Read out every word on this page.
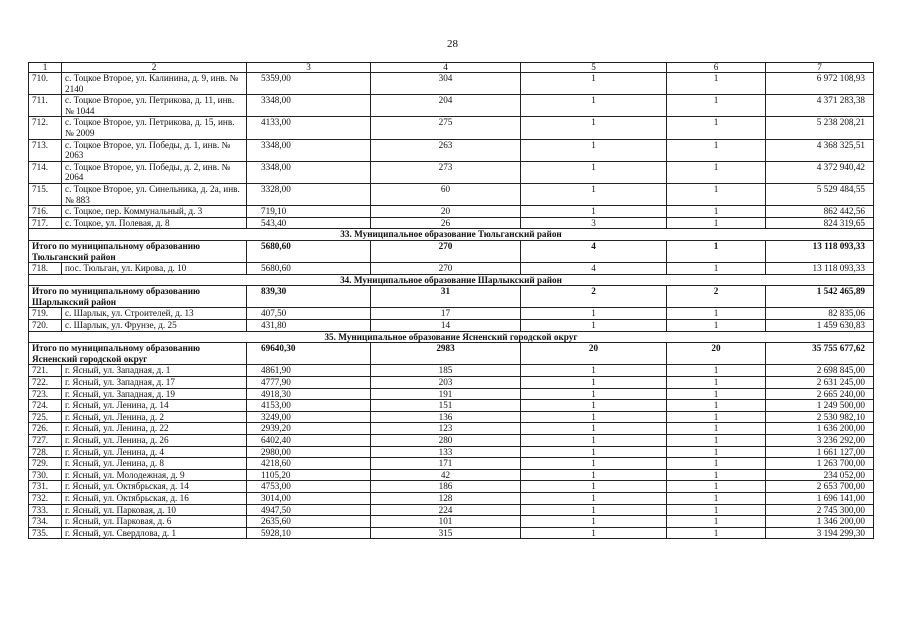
28
1	2	3	4	5	6	7
710.	с. Тоцкое Второе, ул. Калинина, д. 9, инв. № 2140	5359,00	304	1	1	6 972 108,93
711.	с. Тоцкое Второе, ул. Петрикова, д. 11, инв. № 1044	3348,00	204	1	1	4 371 283,38
712.	с. Тоцкое Второе, ул. Петрикова, д. 15, инв. № 2009	4133,00	275	1	1	5 238 208,21
713.	с. Тоцкое Второе, ул. Победы, д. 1, инв. № 2063	3348,00	263	1	1	4 368 325,51
714.	с. Тоцкое Второе, ул. Победы, д. 2, инв. № 2064	3348,00	273	1	1	4 372 940,42
715.	с. Тоцкое Второе, ул. Синельника, д. 2а, инв. № 883	3328,00	60	1	1	5 529 484,55
716.	с. Тоцкое, пер. Коммунальный, д. 3	719,10	20	1	1	862 442,56
717.	с. Тоцкое, ул. Полевая, д. 8	543,40	26	3	1	824 319,65
33. Муниципальное образование Тюльганский район						
Итого по муниципальному образованию Тюльганский район		5680,60	270	4	1	13 118 093,33
718.	пос. Тюльган, ул. Кирова, д. 10	5680,60	270	4	1	13 118 093,33
34. Муниципальное образование Шарлыкский район						
Итого по муниципальному образованию Шарлыкский район		839,30	31	2	2	1 542 465,89
719.	с. Шарлык, ул. Строителей, д. 13	407,50	17	1	1	82 835,06
720.	с. Шарлык, ул. Фрунзе, д. 25	431,80	14	1	1	1 459 630,83
35. Муниципальное образование Ясненский городской округ						
Итого по муниципальному образованию Ясненский городской округ		69640,30	2983	20	20	35 755 677,62
721.	г. Ясный, ул. Западная, д. 1	4861,90	185	1	1	2 698 845,00
722.	г. Ясный, ул. Западная, д. 17	4777,90	203	1	1	2 631 245,00
723.	г. Ясный, ул. Западная, д. 19	4918,30	191	1	1	2 665 240,00
724.	г. Ясный, ул. Ленина, д. 14	4153,00	151	1	1	1 249 500,00
725.	г. Ясный, ул. Ленина, д. 2	3249,00	136	1	1	2 530 982,10
726.	г. Ясный, ул. Ленина, д. 22	2939,20	123	1	1	1 636 200,00
727.	г. Ясный, ул. Ленина, д. 26	6402,40	280	1	1	3 236 292,00
728.	г. Ясный, ул. Ленина, д. 4	2980,00	133	1	1	1 661 127,00
729.	г. Ясный, ул. Ленина, д. 8	4218,60	171	1	1	1 263 700,00
730.	г. Ясный, ул. Молодежная, д. 9	1105,20	42	1	1	234 052,00
731.	г. Ясный, ул. Октябрьская, д. 14	4753,00	186	1	1	2 653 700,00
732.	г. Ясный, ул. Октябрьская, д. 16	3014,00	128	1	1	1 696 141,00
733.	г. Ясный, ул. Парковая, д. 10	4947,50	224	1	1	2 745 300,00
734.	г. Ясный, ул. Парковая, д. 6	2635,60	101	1	1	1 346 200,00
735.	г. Ясный, ул. Свердлова, д. 1	5928,10	315	1	1	3 194 299,30
